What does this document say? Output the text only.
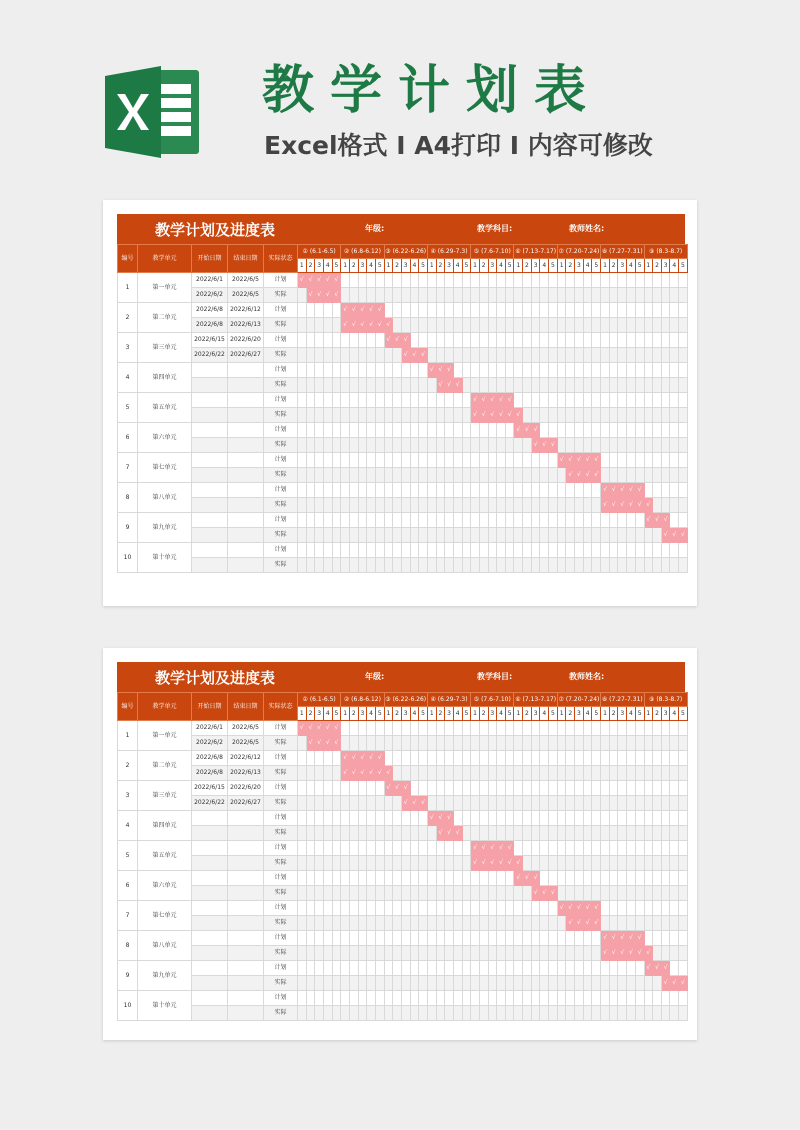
教学计划表
Excel格式 I A4打印 I 内容可修改
教学计划及进度表	年级:	教学科目:	教师姓名:
编号	教学单元	开始日期	结束日期	实际状态	① (6.1-6.5)					② (6.8-6.12)					③ (6.22-6.26)					④ (6.29-7.3)					⑤ (7.6-7.10)					⑥ (7.13-7.17)					⑦ (7.20-7.24)					⑧ (7.27-7.31)					⑨ (8.3-8.7)				
					1	2	3	4	5	1	2	3	4	5	1	2	3	4	5	1	2	3	4	5	1	2	3	4	5	1	2	3	4	5	1	2	3	4	5	1	2	3	4	5	1	2	3	4	5
1	第一单元	2022/6/1	2022/6/5	计划	√	√	√	√	√																																								
		2022/6/2	2022/6/5	实际		√	√	√	√																																								
2	第二单元	2022/6/8	2022/6/12	计划						√	√	√	√	√																																			
		2022/6/8	2022/6/13	实际						√	√	√	√	√	√																																		
3	第三单元	2022/6/15	2022/6/20	计划											√	√	√																																
		2022/6/22	2022/6/27	实际													√	√	√																														
4	第四单元			计划																√	√	√																											
				实际																	√	√	√																										
5	第五单元			计划																					√	√	√	√	√																				
				实际																					√	√	√	√	√	√																			
6	第六单元			计划																										√	√	√																	
				实际																												√	√	√															
7	第七单元			计划																															√	√	√	√	√										
				实际																																√	√	√	√										
8	第八单元			计划																																				√	√	√	√	√					
				实际																																				√	√	√	√	√	√				
9	第九单元			计划																																									√	√	√		
				实际																																											√	√	√
10	第十单元			计划																																													
				实际																																													
教学计划及进度表	年级:	教学科目:	教师姓名:
编号	教学单元	开始日期	结束日期	实际状态	① (6.1-6.5)					② (6.8-6.12)					③ (6.22-6.26)					④ (6.29-7.3)					⑤ (7.6-7.10)					⑥ (7.13-7.17)					⑦ (7.20-7.24)					⑧ (7.27-7.31)					⑨ (8.3-8.7)				
					1	2	3	4	5	1	2	3	4	5	1	2	3	4	5	1	2	3	4	5	1	2	3	4	5	1	2	3	4	5	1	2	3	4	5	1	2	3	4	5	1	2	3	4	5
1	第一单元	2022/6/1	2022/6/5	计划	√	√	√	√	√																																								
		2022/6/2	2022/6/5	实际		√	√	√	√																																								
2	第二单元	2022/6/8	2022/6/12	计划						√	√	√	√	√																																			
		2022/6/8	2022/6/13	实际						√	√	√	√	√	√																																		
3	第三单元	2022/6/15	2022/6/20	计划											√	√	√																																
		2022/6/22	2022/6/27	实际													√	√	√																														
4	第四单元			计划																√	√	√																											
				实际																	√	√	√																										
5	第五单元			计划																					√	√	√	√	√																				
				实际																					√	√	√	√	√	√																			
6	第六单元			计划																										√	√	√																	
				实际																												√	√	√															
7	第七单元			计划																															√	√	√	√	√										
				实际																																√	√	√	√										
8	第八单元			计划																																				√	√	√	√	√					
				实际																																				√	√	√	√	√	√				
9	第九单元			计划																																									√	√	√		
				实际																																											√	√	√
10	第十单元			计划																																													
				实际																																													
